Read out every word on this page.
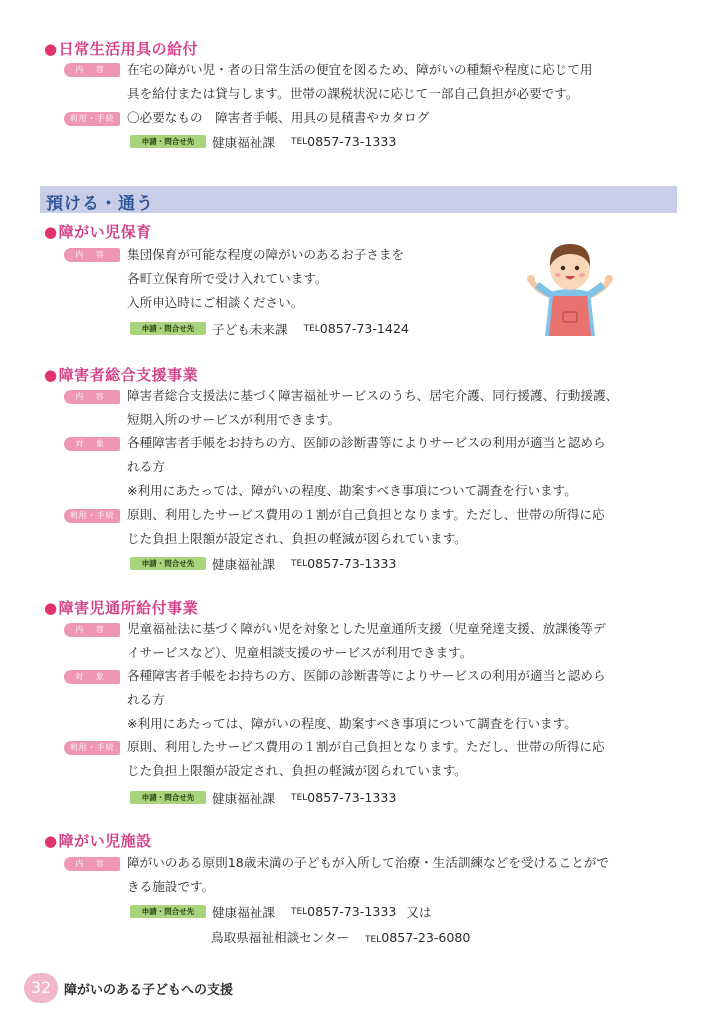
●日常生活用具の給付
内 容	在宅の障がい児・者の日常生活の便宜を図るため、障がいの種類や程度に応じて用
具を給付または貸与します。世帯の課税状況に応じて一部自己負担が必要です。
利用・手続 〇必要なもの　障害者手帳、用具の見積書やカタログ
申請・問合せ先 健康福祉課 TEL0857-73-1333
預ける・通う
●障がい児保育
内 容	集団保育が可能な程度の障がいのあるお子さまを
各町立保育所で受け入れています。
入所申込時にご相談ください。
申請・問合せ先 子ども未来課 TEL0857-73-1424
●障害者総合支援事業
内 容	障害者総合支援法に基づく障害福祉サービスのうち、居宅介護、同行援護、行動援護、
短期入所のサービスが利用できます。
対 象	各種障害者手帳をお持ちの方、医師の診断書等によりサービスの利用が適当と認めら
れる方
※利用にあたっては、障がいの程度、勘案すべき事項について調査を行います。
利用・手続 原則、利用したサービス費用の１割が自己負担となります。ただし、世帯の所得に応
じた負担上限額が設定され、負担の軽減が図られています。
申請・問合せ先 健康福祉課 TEL0857-73-1333
●障害児通所給付事業
内 容	児童福祉法に基づく障がい児を対象とした児童通所支援（児童発達支援、放課後等デ
イサービスなど）、児童相談支援のサービスが利用できます。
対 象	各種障害者手帳をお持ちの方、医師の診断書等によりサービスの利用が適当と認めら
れる方
※利用にあたっては、障がいの程度、勘案すべき事項について調査を行います。
利用・手続 原則、利用したサービス費用の１割が自己負担となります。ただし、世帯の所得に応
じた負担上限額が設定され、負担の軽減が図られています。
申請・問合せ先 健康福祉課 TEL0857-73-1333
●障がい児施設
内 容	障がいのある原則18歳未満の子どもが入所して治療・生活訓練などを受けることがで
きる施設です。
申請・問合せ先 健康福祉課 TEL0857-73-1333 又は
鳥取県福祉相談センター TEL0857-23-6080
32 障がいのある子どもへの支援
